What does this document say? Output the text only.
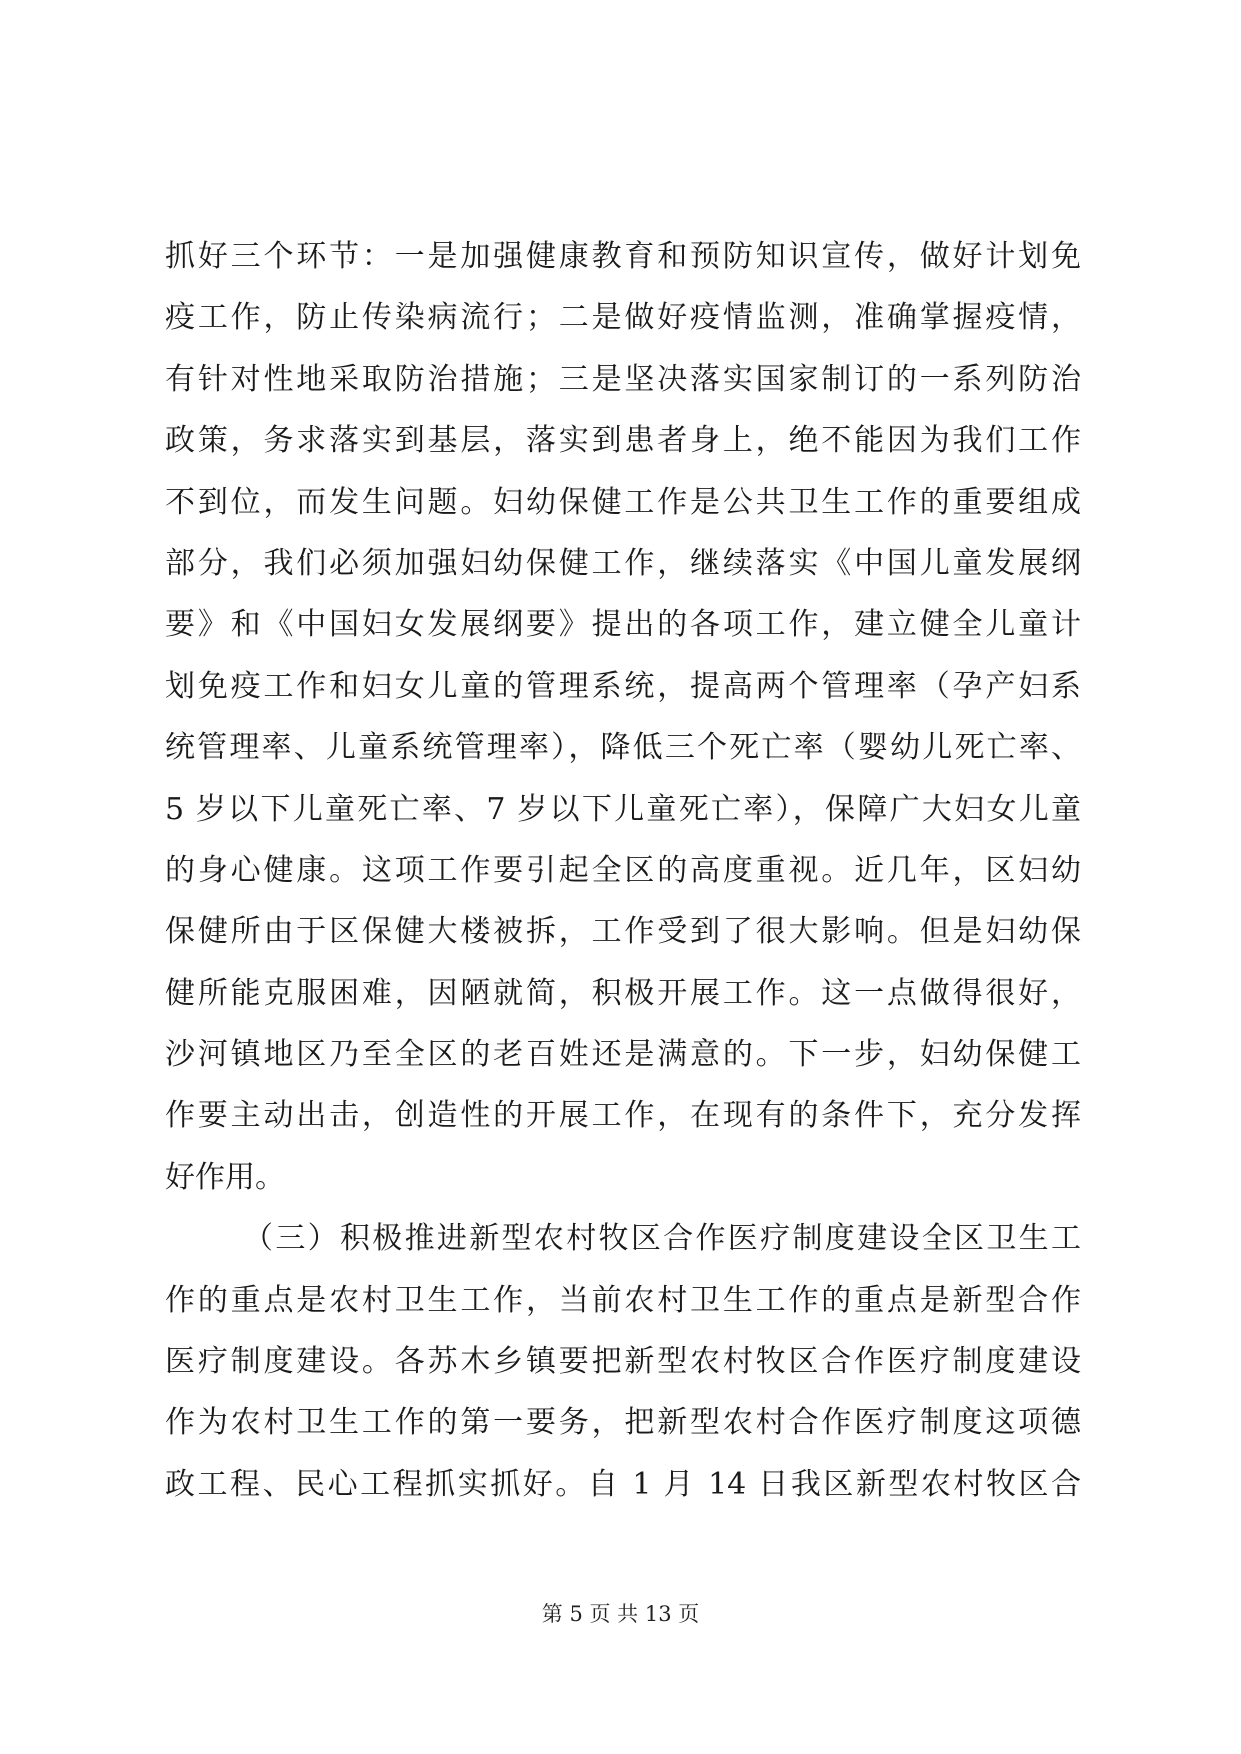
抓好三个环节：一是加强健康教育和预防知识宣传，做好计划免
疫工作，防止传染病流行；二是做好疫情监测，准确掌握疫情，
有针对性地采取防治措施；三是坚决落实国家制订的一系列防治
政策，务求落实到基层，落实到患者身上，绝不能因为我们工作
不到位，而发生问题。妇幼保健工作是公共卫生工作的重要组成
部分，我们必须加强妇幼保健工作，继续落实《中国儿童发展纲
要》和《中国妇女发展纲要》提出的各项工作，建立健全儿童计
划免疫工作和妇女儿童的管理系统，提高两个管理率（孕产妇系
统管理率、儿童系统管理率），降低三个死亡率（婴幼儿死亡率、
5 岁以下儿童死亡率、7 岁以下儿童死亡率），保障广大妇女儿童
的身心健康。这项工作要引起全区的高度重视。近几年，区妇幼
保健所由于区保健大楼被拆，工作受到了很大影响。但是妇幼保
健所能克服困难，因陋就简，积极开展工作。这一点做得很好，
沙河镇地区乃至全区的老百姓还是满意的。下一步，妇幼保健工
作要主动出击，创造性的开展工作，在现有的条件下，充分发挥
好作用。
（三）积极推进新型农村牧区合作医疗制度建设全区卫生工
作的重点是农村卫生工作，当前农村卫生工作的重点是新型合作
医疗制度建设。各苏木乡镇要把新型农村牧区合作医疗制度建设
作为农村卫生工作的第一要务，把新型农村合作医疗制度这项德
政工程、民心工程抓实抓好。自 1 月 14 日我区新型农村牧区合
第 5 页 共 13 页
